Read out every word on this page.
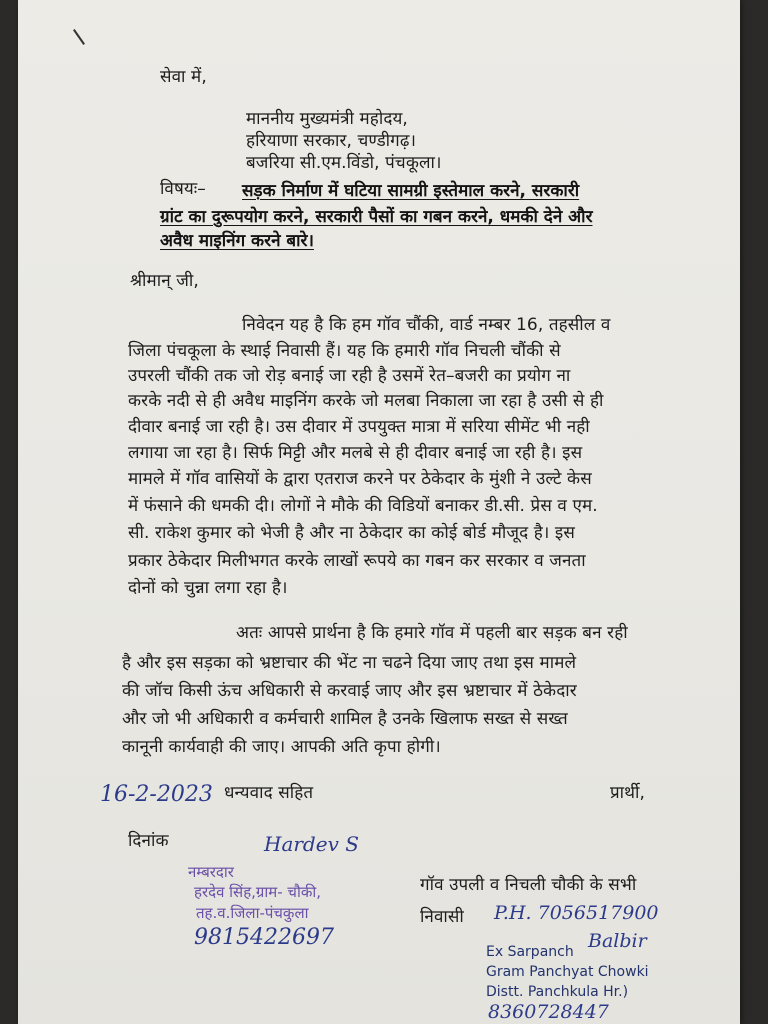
सेवा में,
माननीय मुख्यमंत्री महोदय,
हरियाणा सरकार, चण्डीगढ़।
बजरिया सी.एम.विंडो, पंचकूला।
विषयः– सड़क निर्माण में घटिया सामग्री इस्तेमाल करने, सरकारी
ग्रांट का दुरूपयोग करने, सरकारी पैसों का गबन करने, धमकी देने और
अवैध माइनिंग करने बारे।
श्रीमान् जी,
निवेदन यह है कि हम गॉव चौंकी, वार्ड नम्बर 16, तहसील व
जिला पंचकूला के स्थाई निवासी हैं। यह कि हमारी गॉव निचली चौंकी से
उपरली चौंकी तक जो रोड़ बनाई जा रही है उसमें रेत–बजरी का प्रयोग ना
करके नदी से ही अवैध माइनिंग करके जो मलबा निकाला जा रहा है उसी से ही
दीवार बनाई जा रही है। उस दीवार में उपयुक्त मात्रा में सरिया सीमेंट भी नही
लगाया जा रहा है। सिर्फ मिट्टी और मलबे से ही दीवार बनाई जा रही है। इस
मामले में गॉव वासियों के द्वारा एतराज करने पर ठेकेदार के मुंशी ने उल्टे केस
में फंसाने की धमकी दी। लोगों ने मौके की विडियों बनाकर डी.सी. प्रेस व एम.
सी. राकेश कुमार को भेजी है और ना ठेकेदार का कोई बोर्ड मौजूद है। इस
प्रकार ठेकेदार मिलीभगत करके लाखों रूपये का गबन कर सरकार व जनता
दोनों को चुन्ना लगा रहा है।
अतः आपसे प्रार्थना है कि हमारे गॉव में पहली बार सड़क बन रही
है और इस सड़का को भ्रष्टाचार की भेंट ना चढने दिया जाए तथा इस मामले
की जॉच किसी ऊंच अधिकारी से करवाई जाए और इस भ्रष्टाचार में ठेकेदार
और जो भी अधिकारी व कर्मचारी शामिल है उनके खिलाफ सख्त से सख्त
कानूनी कार्यवाही की जाए। आपकी अति कृपा होगी।
16-2-2023 धन्यवाद सहित	प्रार्थी,
दिनांक
नम्बरदार
Hardev S
हरदेव सिंह,ग्राम- चौकी,
तह.व.जिला-पंचकुला
9815422697
गॉव उपली व निचली चौकी के सभी
निवासी P.H. 7056517900
Ex Sarpanch Balbir
Gram Panchyat Chowki
Distt. Panchkula Hr.)
8360728447
